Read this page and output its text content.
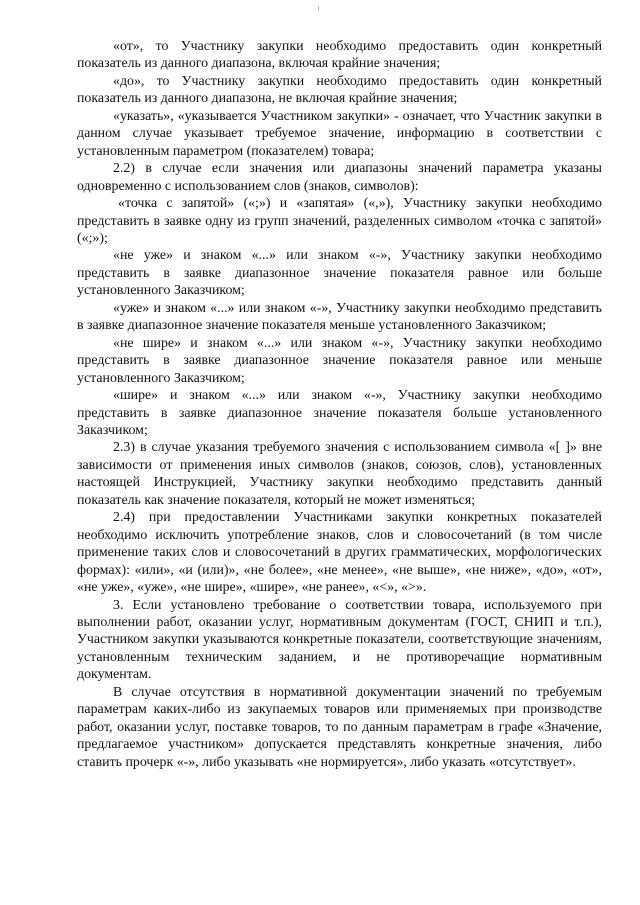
«от», то Участнику закупки необходимо предоставить один конкретный показатель из данного диапазона, включая крайние значения;

«до», то Участнику закупки необходимо предоставить один конкретный показатель из данного диапазона, не включая крайние значения;

«указать», «указывается Участником закупки» - означает, что Участник закупки в данном случае указывает требуемое значение, информацию в соответствии с установленным параметром (показателем) товара;

2.2) в случае если значения или диапазоны значений параметра указаны одновременно с использованием слов (знаков, символов):

«точка с запятой» («;») и «запятая» («,»), Участнику закупки необходимо представить в заявке одну из групп значений, разделенных символом «точка с запятой» («;»);

«не уже» и знаком «...» или знаком «-», Участнику закупки необходимо представить в заявке диапазонное значение показателя равное или больше установленного Заказчиком;

«уже» и знаком «...» или знаком «-», Участнику закупки необходимо представить в заявке диапазонное значение показателя меньше установленного Заказчиком;

«не шире» и знаком «...» или знаком «-», Участнику закупки необходимо представить в заявке диапазонное значение показателя равное или меньше установленного Заказчиком;

«шире» и знаком «...» или знаком «-», Участнику закупки необходимо представить в заявке диапазонное значение показателя больше установленного Заказчиком;

2.3) в случае указания требуемого значения с использованием символа «[ ]» вне зависимости от применения иных символов (знаков, союзов, слов), установленных настоящей Инструкцией, Участнику закупки необходимо представить данный показатель как значение показателя, который не может изменяться;

2.4) при предоставлении Участниками закупки конкретных показателей необходимо исключить употребление знаков, слов и словосочетаний (в том числе применение таких слов и словосочетаний в других грамматических, морфологических формах): «или», «и (или)», «не более», «не менее», «не выше», «не ниже», «до», «от», «не уже», «уже», «не шире», «шире», «не ранее», «<», «>».

3. Если установлено требование о соответствии товара, используемого при выполнении работ, оказании услуг, нормативным документам (ГОСТ, СНИП и т.п.), Участником закупки указываются конкретные показатели, соответствующие значениям, установленным техническим заданием, и не противоречащие нормативным документам.

В случае отсутствия в нормативной документации значений по требуемым параметрам каких-либо из закупаемых товаров или применяемых при производстве работ, оказании услуг, поставке товаров, то по данным параметрам в графе «Значение, предлагаемое участником» допускается представлять конкретные значения, либо ставить прочерк «-», либо указывать «не нормируется», либо указать «отсутствует».
